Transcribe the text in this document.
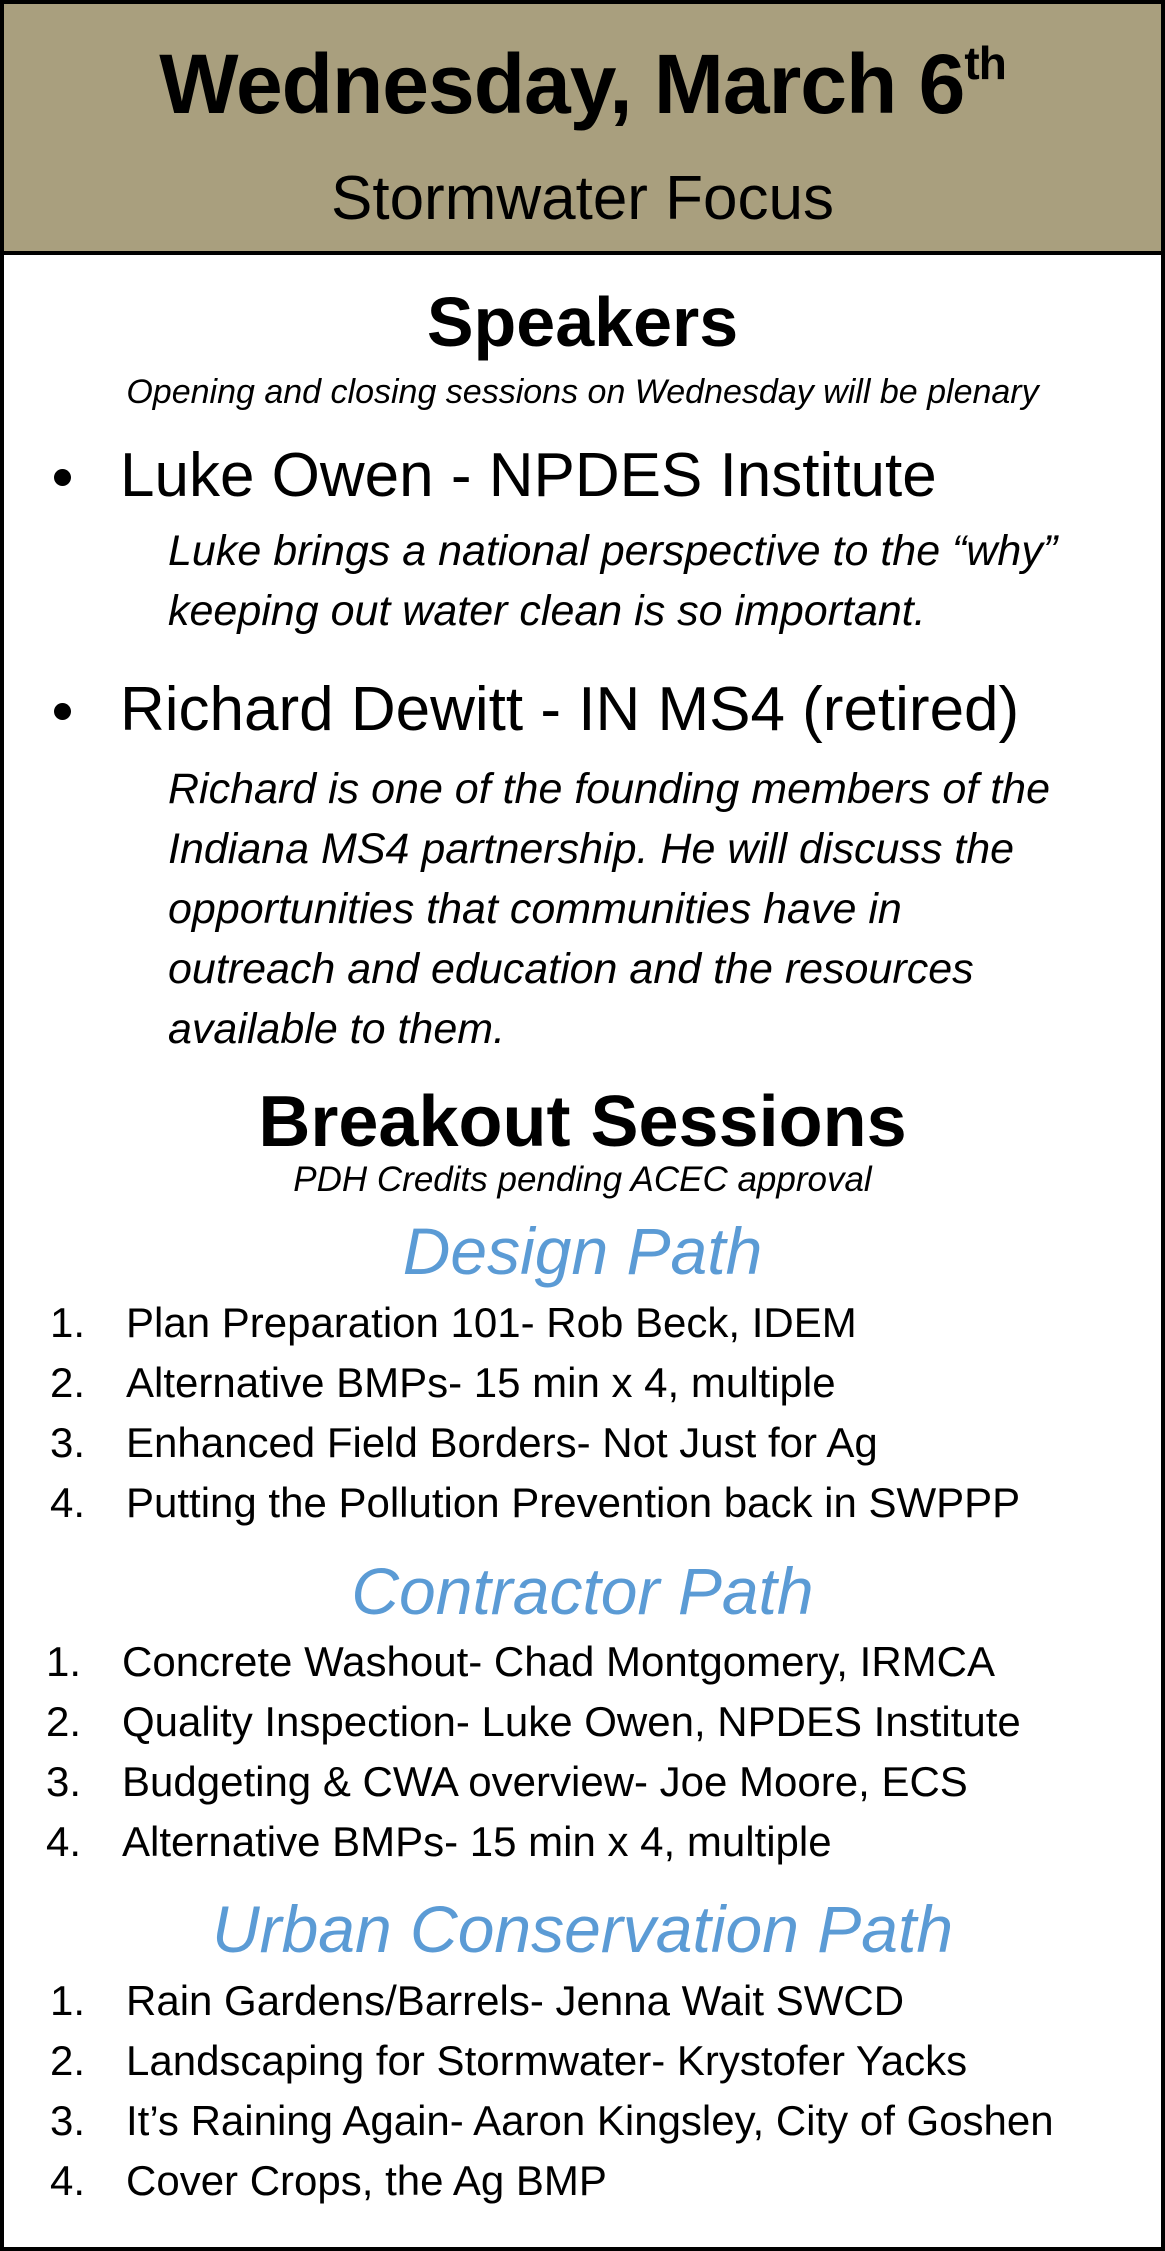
Wednesday, March 6th
Stormwater Focus
Speakers
Opening and closing sessions on Wednesday will be plenary
Luke Owen - NPDES Institute
Luke brings a national perspective to the “why”
keeping out water clean is so important.
Richard Dewitt - IN MS4 (retired)
Richard is one of the founding members of the
Indiana MS4 partnership. He will discuss the
opportunities that communities have in
outreach and education and the resources
available to them.
Breakout Sessions
PDH Credits pending ACEC approval
Design Path
1. Plan Preparation 101- Rob Beck, IDEM
2. Alternative BMPs- 15 min x 4, multiple
3. Enhanced Field Borders- Not Just for Ag
4. Putting the Pollution Prevention back in SWPPP
Contractor Path
1. Concrete Washout- Chad Montgomery, IRMCA
2. Quality Inspection- Luke Owen, NPDES Institute
3. Budgeting & CWA overview- Joe Moore, ECS
4. Alternative BMPs- 15 min x 4, multiple
Urban Conservation Path
1. Rain Gardens/Barrels- Jenna Wait SWCD
2. Landscaping for Stormwater- Krystofer Yacks
3. It’s Raining Again- Aaron Kingsley, City of Goshen
4. Cover Crops, the Ag BMP
